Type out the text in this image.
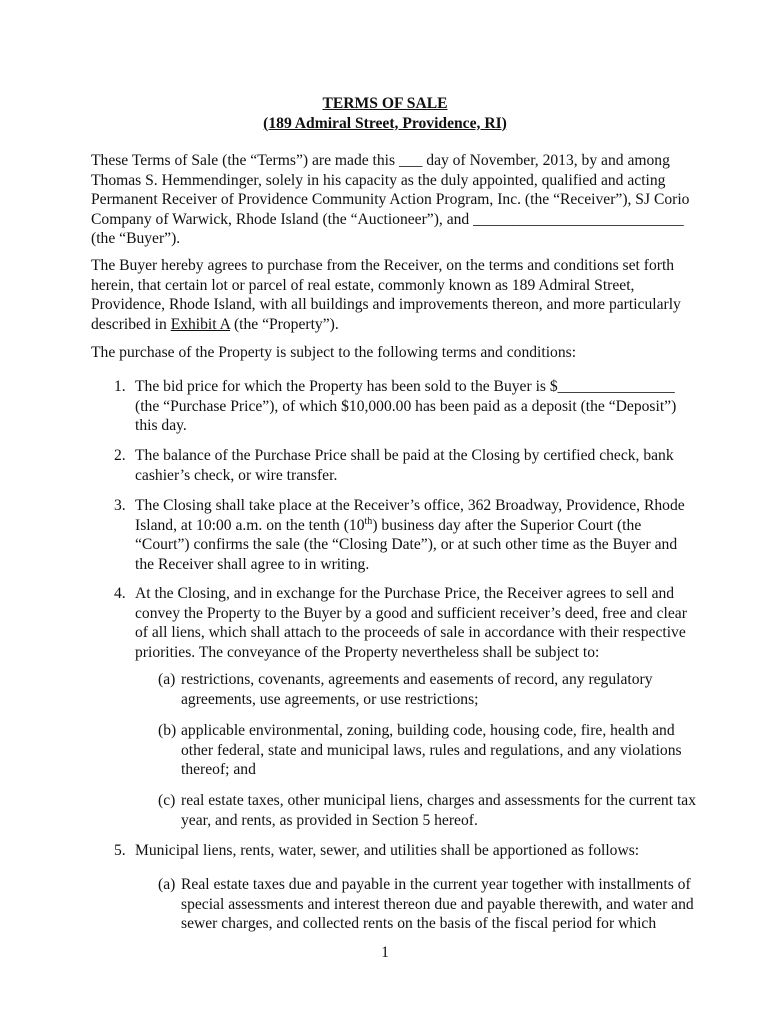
TERMS OF SALE
(189 Admiral Street, Providence, RI)

These Terms of Sale (the “Terms”) are made this ___ day of November, 2013, by and among Thomas S. Hemmendinger, solely in his capacity as the duly appointed, qualified and acting Permanent Receiver of Providence Community Action Program, Inc. (the “Receiver”), SJ Corio Company of Warwick, Rhode Island (the “Auctioneer”), and ___________________________ (the “Buyer”).

The Buyer hereby agrees to purchase from the Receiver, on the terms and conditions set forth herein, that certain lot or parcel of real estate, commonly known as 189 Admiral Street, Providence, Rhode Island, with all buildings and improvements thereon, and more particularly described in Exhibit A (the “Property”).

The purchase of the Property is subject to the following terms and conditions:

1. The bid price for which the Property has been sold to the Buyer is $_______________ (the “Purchase Price”), of which $10,000.00 has been paid as a deposit (the “Deposit”) this day.
2. The balance of the Purchase Price shall be paid at the Closing by certified check, bank cashier’s check, or wire transfer.
3. The Closing shall take place at the Receiver’s office, 362 Broadway, Providence, Rhode Island, at 10:00 a.m. on the tenth (10th) business day after the Superior Court (the “Court”) confirms the sale (the “Closing Date”), or at such other time as the Buyer and the Receiver shall agree to in writing.
4. At the Closing, and in exchange for the Purchase Price, the Receiver agrees to sell and convey the Property to the Buyer by a good and sufficient receiver’s deed, free and clear of all liens, which shall attach to the proceeds of sale in accordance with their respective priorities. The conveyance of the Property nevertheless shall be subject to:
(a) restrictions, covenants, agreements and easements of record, any regulatory agreements, use agreements, or use restrictions;
(b) applicable environmental, zoning, building code, housing code, fire, health and other federal, state and municipal laws, rules and regulations, and any violations thereof; and
(c) real estate taxes, other municipal liens, charges and assessments for the current tax year, and rents, as provided in Section 5 hereof.
5. Municipal liens, rents, water, sewer, and utilities shall be apportioned as follows:
(a) Real estate taxes due and payable in the current year together with installments of special assessments and interest thereon due and payable therewith, and water and sewer charges, and collected rents on the basis of the fiscal period for which
1
